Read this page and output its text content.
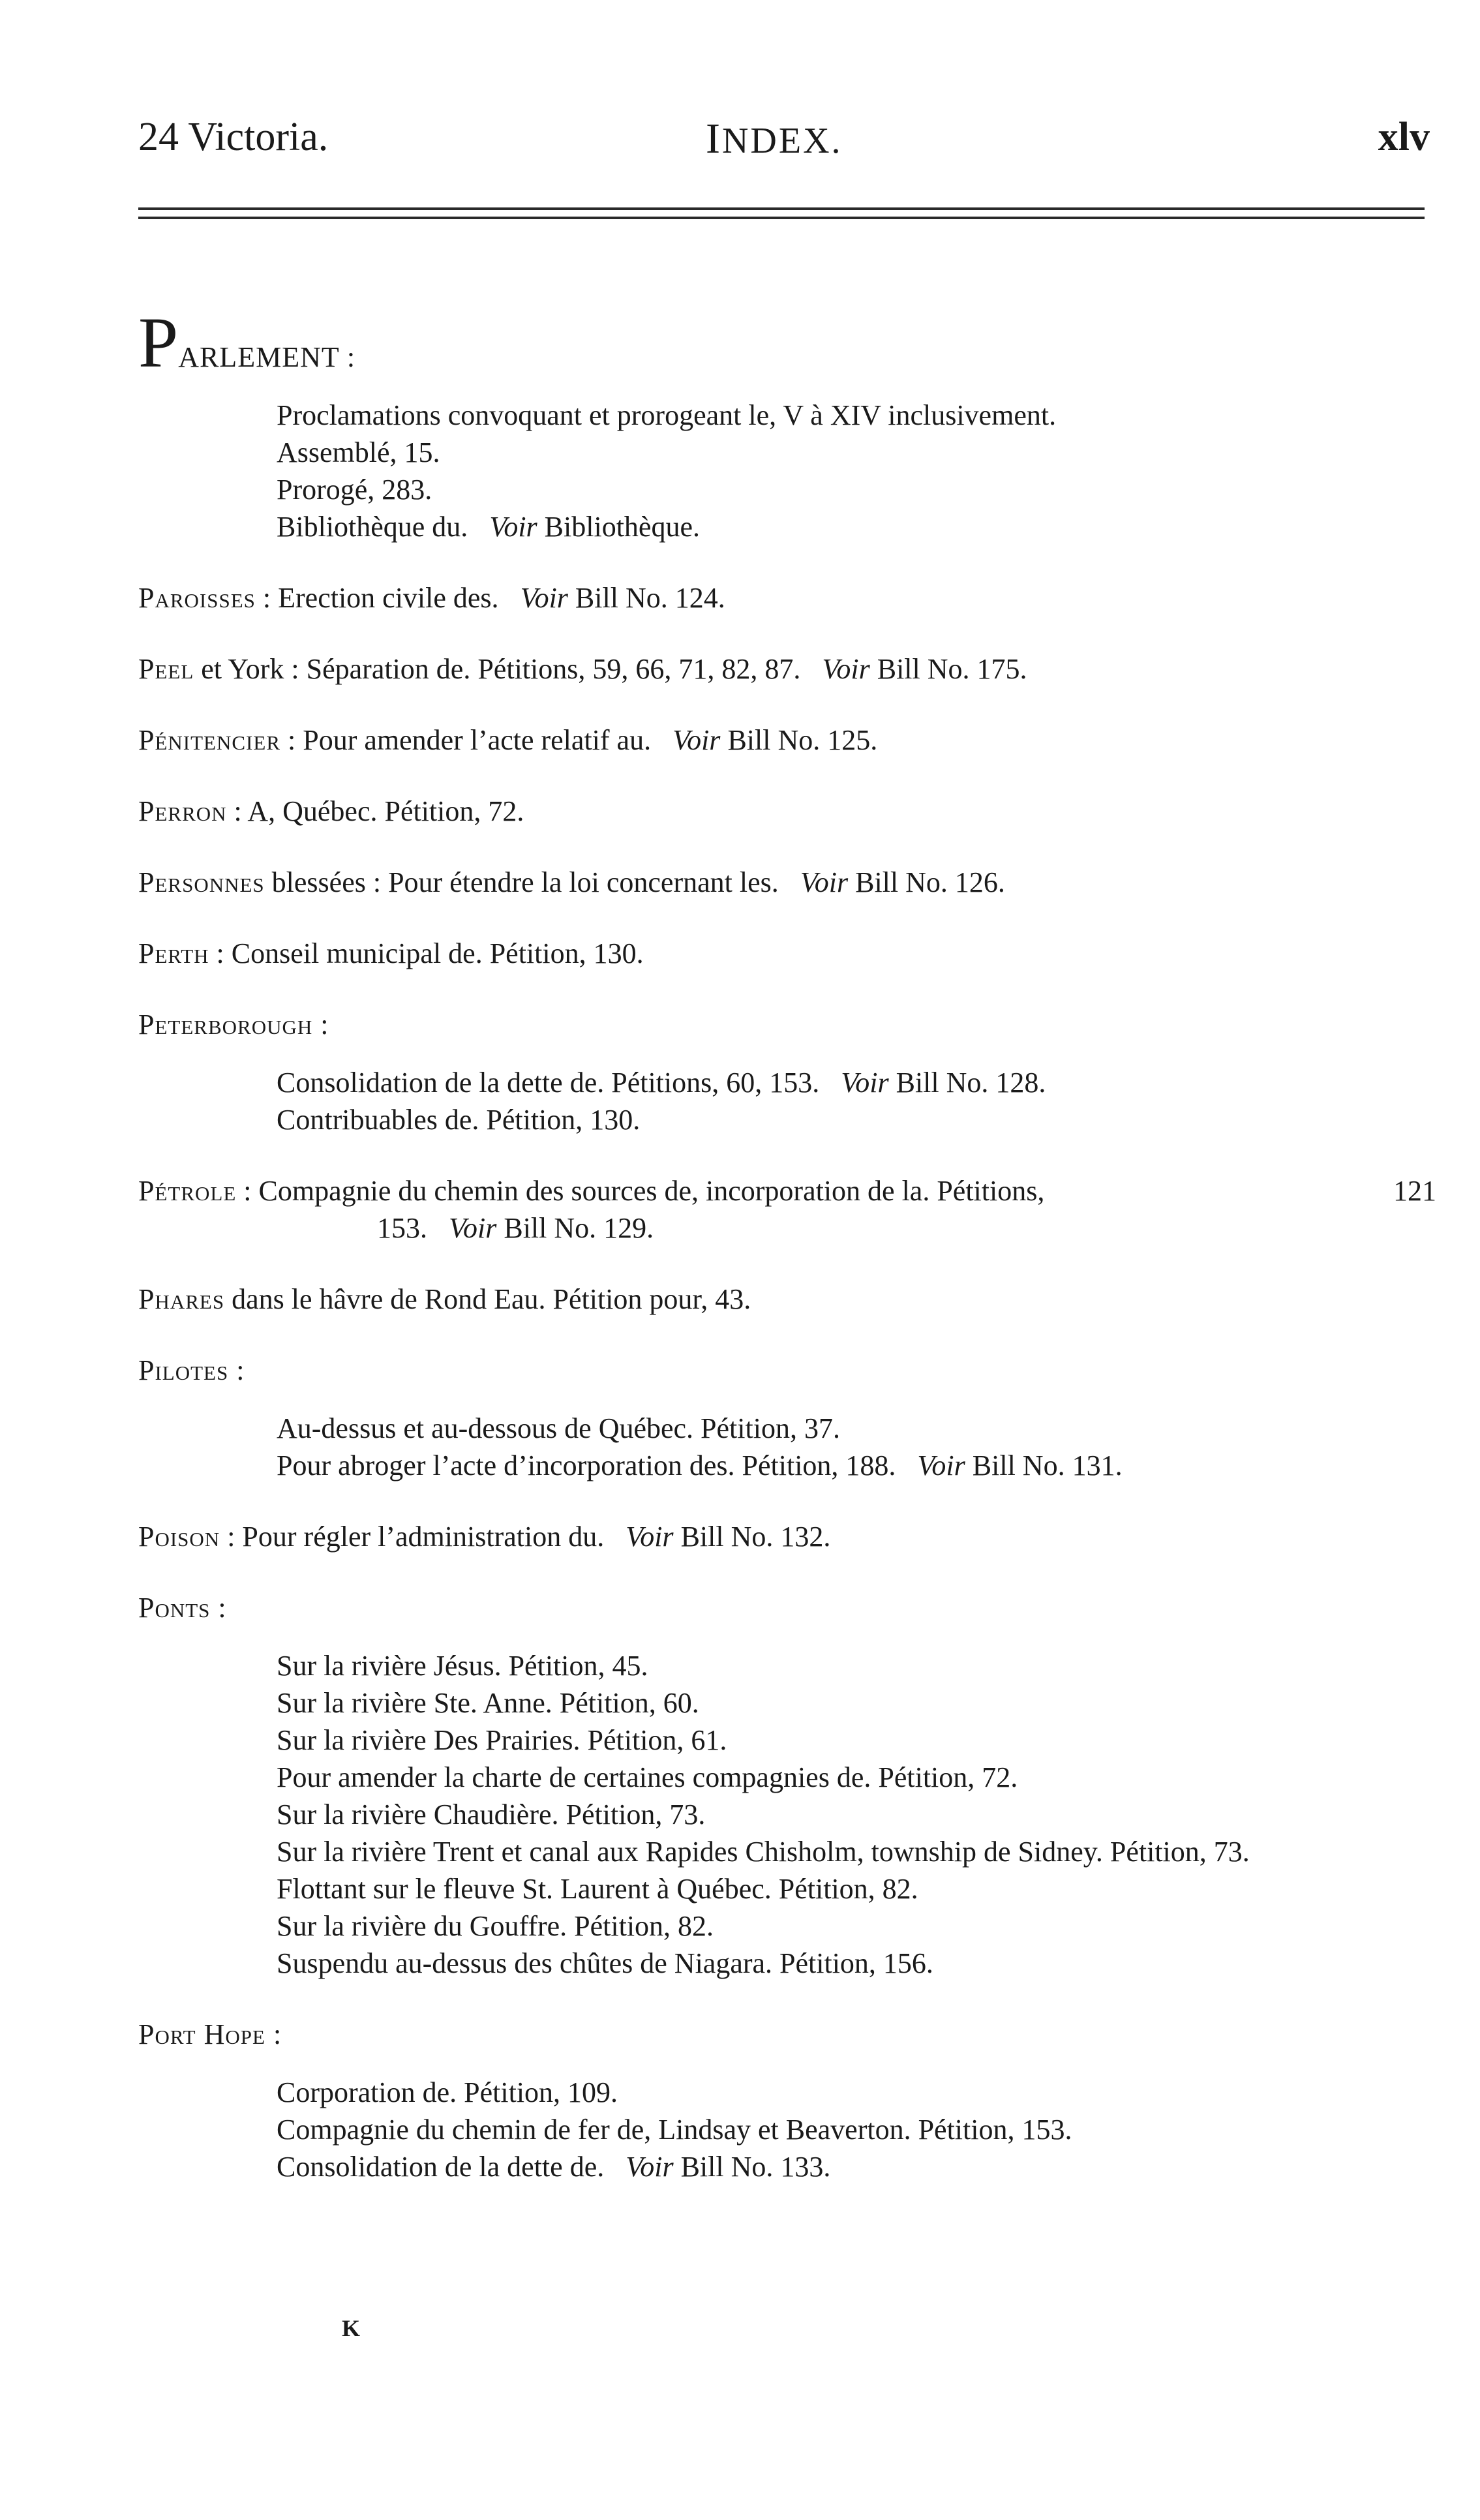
24 Victoria.	INDEX.	xlv
PARLEMENT :
Proclamations convoquant et prorogeant le, V à XIV inclusivement.
Assemblé, 15.
Prorogé, 283.
Bibliothèque du. Voir Bibliothèque.
Paroisses : Erection civile des. Voir Bill No. 124.
Peel et York : Séparation de. Pétitions, 59, 66, 71, 82, 87. Voir Bill No. 175.
Pénitencier : Pour amender l’acte relatif au. Voir Bill No. 125.
Perron : A, Québec. Pétition, 72.
Personnes blessées : Pour étendre la loi concernant les. Voir Bill No. 126.
Perth : Conseil municipal de. Pétition, 130.
Peterborough :
Consolidation de la dette de. Pétitions, 60, 153. Voir Bill No. 128.
Contribuables de. Pétition, 130.
Pétrole : Compagnie du chemin des sources de, incorporation de la. Pétitions,	121
153. Voir Bill No. 129.
Phares dans le hâvre de Rond Eau. Pétition pour, 43.
Pilotes :
Au-dessus et au-dessous de Québec. Pétition, 37.
Pour abroger l’acte d’incorporation des. Pétition, 188. Voir Bill No. 131.
Poison : Pour régler l’administration du. Voir Bill No. 132.
Ponts :
Sur la rivière Jésus. Pétition, 45.
Sur la rivière Ste. Anne. Pétition, 60.
Sur la rivière Des Prairies. Pétition, 61.
Pour amender la charte de certaines compagnies de. Pétition, 72.
Sur la rivière Chaudière. Pétition, 73.
Sur la rivière Trent et canal aux Rapides Chisholm, township de Sidney. Pétition, 73.
Flottant sur le fleuve St. Laurent à Québec. Pétition, 82.
Sur la rivière du Gouffre. Pétition, 82.
Suspendu au-dessus des chûtes de Niagara. Pétition, 156.
Port Hope :
Corporation de. Pétition, 109.
Compagnie du chemin de fer de, Lindsay et Beaverton. Pétition, 153.
Consolidation de la dette de. Voir Bill No. 133.
K
